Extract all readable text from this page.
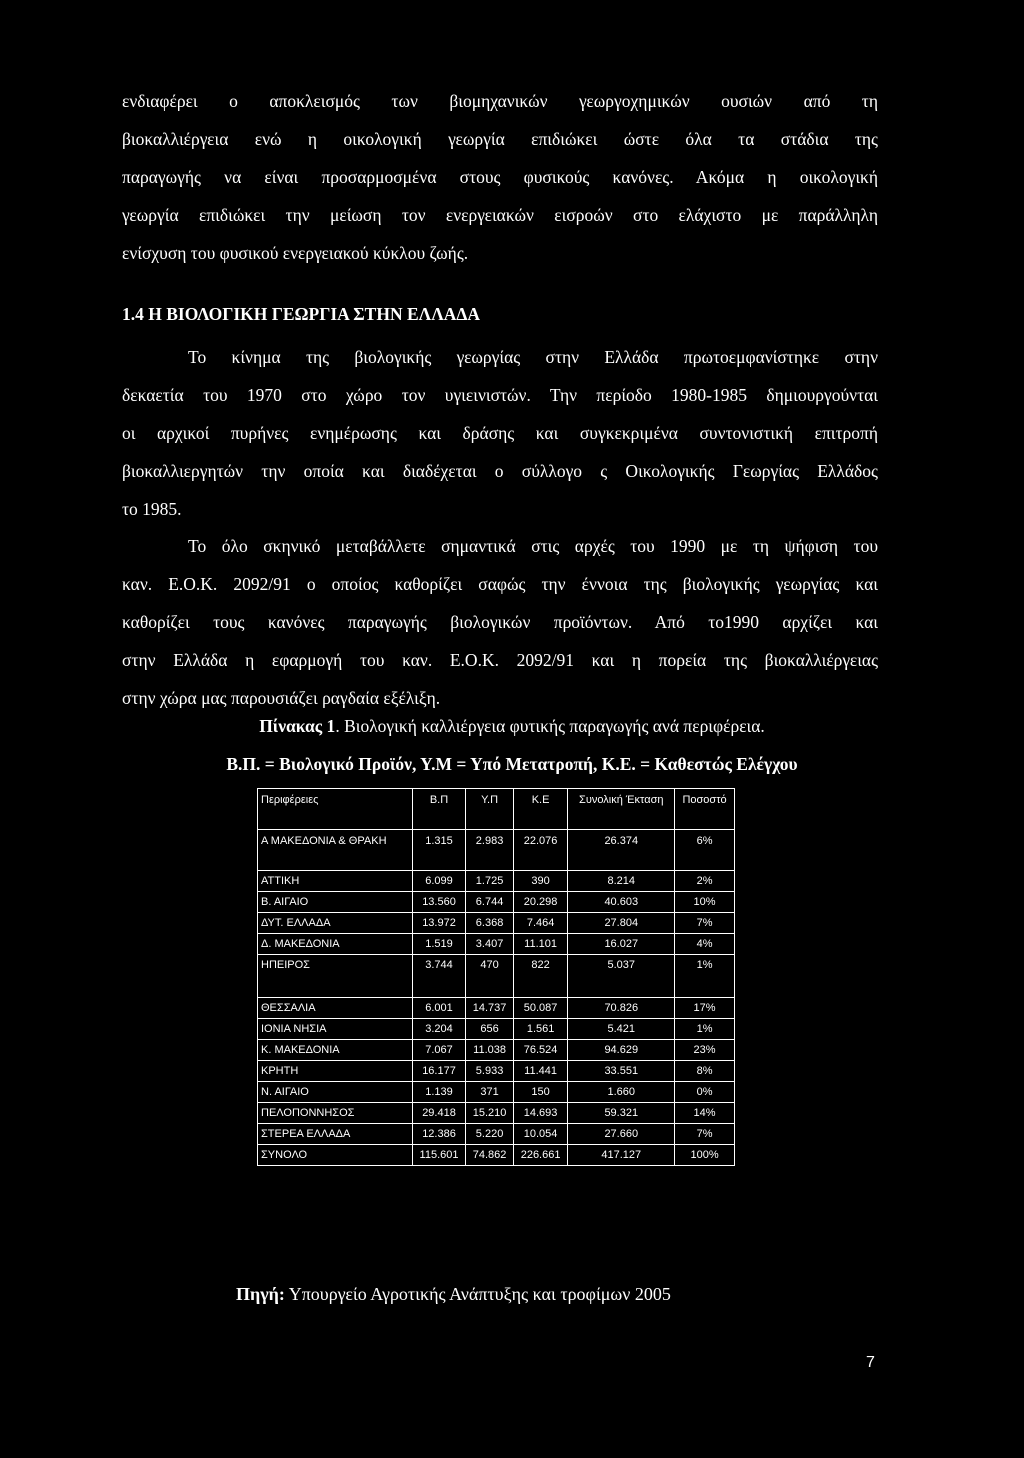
ενδιαφέρει ο αποκλεισμός των βιομηχανικών γεωργοχημικών ουσιών από τη
βιοκαλλιέργεια ενώ η οικολογική γεωργία επιδιώκει ώστε όλα τα στάδια της
παραγωγής να είναι προσαρμοσμένα στους φυσικούς κανόνες. Ακόμα η οικολογική
γεωργία επιδιώκει την μείωση τον ενεργειακών εισροών στο ελάχιστο με παράλληλη
ενίσχυση του φυσικού ενεργειακού κύκλου ζωής.
1.4 Η ΒΙΟΛΟΓΙΚΗ ΓΕΩΡΓΙΑ ΣΤΗΝ ΕΛΛΑΔΑ
Το κίνημα της βιολογικής γεωργίας στην Ελλάδα πρωτοεμφανίστηκε στην
δεκαετία του 1970 στο χώρο τον υγιεινιστών. Την περίοδο 1980-1985 δημιουργούνται
οι αρχικοί πυρήνες ενημέρωσης και δράσης και συγκεκριμένα συντονιστική επιτροπή
βιοκαλλιεργητών την οποία και διαδέχεται ο σύλλογο ς Οικολογικής Γεωργίας Ελλάδος
το 1985.
Το όλο σκηνικό μεταβάλλετε σημαντικά στις αρχές του 1990 με τη ψήφιση του
καν. Ε.Ο.Κ. 2092/91 ο οποίος καθορίζει σαφώς την έννοια της βιολογικής γεωργίας και
καθορίζει τους κανόνες παραγωγής βιολογικών προϊόντων. Από το1990 αρχίζει και
στην Ελλάδα η εφαρμογή του καν. Ε.Ο.Κ. 2092/91 και η πορεία της βιοκαλλιέργειας
στην χώρα μας παρουσιάζει ραγδαία εξέλιξη.

Πίνακας 1. Βιολογική καλλιέργεια φυτικής παραγωγής ανά περιφέρεια.

Β.Π. = Βιολογικό Προϊόν, Υ.Μ = Υπό Μετατροπή, Κ.Ε. = Καθεστώς Ελέγχου

Περιφέρειες	Β.Π	Υ.Π	Κ.Ε	Συνολική Έκταση	Ποσοστό
Α ΜΑΚΕΔΟΝΙΑ & ΘΡΑΚΗ	1.315	2.983	22.076	26.374	6%
ΑΤΤΙΚΗ	6.099	1.725	390	8.214	2%
Β. ΑΙΓΑΙΟ	13.560	6.744	20.298	40.603	10%
ΔΥΤ. ΕΛΛΑΔΑ	13.972	6.368	7.464	27.804	7%
Δ. ΜΑΚΕΔΟΝΙΑ	1.519	3.407	11.101	16.027	4%
ΗΠΕΙΡΟΣ	3.744	470	822	5.037	1%
ΘΕΣΣΑΛΙΑ	6.001	14.737	50.087	70.826	17%
ΙΟΝΙΑ ΝΗΣΙΑ	3.204	656	1.561	5.421	1%
Κ. ΜΑΚΕΔΟΝΙΑ	7.067	11.038	76.524	94.629	23%
ΚΡΗΤΗ	16.177	5.933	11.441	33.551	8%
Ν. ΑΙΓΑΙΟ	1.139	371	150	1.660	0%
ΠΕΛΟΠΟΝΝΗΣΟΣ	29.418	15.210	14.693	59.321	14%
ΣΤΕΡΕΑ ΕΛΛΑΔΑ	12.386	5.220	10.054	27.660	7%
ΣΥΝΟΛΟ	115.601	74.862	226.661	417.127	100%

Πηγή: Υπουργείο Αγροτικής Ανάπτυξης και τροφίμων 2005

7
